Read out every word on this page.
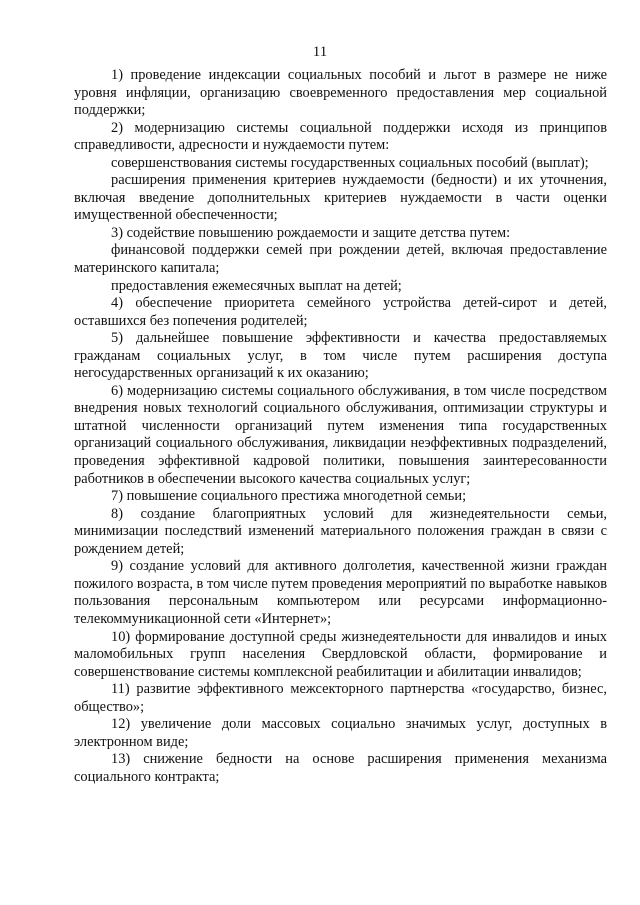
11

1) проведение индексации социальных пособий и льгот в размере не ниже уровня инфляции, организацию своевременного предоставления мер социальной поддержки;

2) модернизацию системы социальной поддержки исходя из принципов справедливости, адресности и нуждаемости путем:

совершенствования системы государственных социальных пособий (выплат);

расширения применения критериев нуждаемости (бедности) и их уточнения, включая введение дополнительных критериев нуждаемости в части оценки имущественной обеспеченности;

3) содействие повышению рождаемости и защите детства путем:

финансовой поддержки семей при рождении детей, включая предоставление материнского капитала;

предоставления ежемесячных выплат на детей;

4) обеспечение приоритета семейного устройства детей-сирот и детей, оставшихся без попечения родителей;

5) дальнейшее повышение эффективности и качества предоставляемых гражданам социальных услуг, в том числе путем расширения доступа негосударственных организаций к их оказанию;

6) модернизацию системы социального обслуживания, в том числе посредством внедрения новых технологий социального обслуживания, оптимизации структуры и штатной численности организаций путем изменения типа государственных организаций социального обслуживания, ликвидации неэффективных подразделений, проведения эффективной кадровой политики, повышения заинтересованности работников в обеспечении высокого качества социальных услуг;

7) повышение социального престижа многодетной семьи;

8) создание благоприятных условий для жизнедеятельности семьи, минимизации последствий изменений материального положения граждан в связи с рождением детей;

9) создание условий для активного долголетия, качественной жизни граждан пожилого возраста, в том числе путем проведения мероприятий по выработке навыков пользования персональным компьютером или ресурсами информационно-телекоммуникационной сети «Интернет»;

10) формирование доступной среды жизнедеятельности для инвалидов и иных маломобильных групп населения Свердловской области, формирование и совершенствование системы комплексной реабилитации и абилитации инвалидов;

11) развитие эффективного межсекторного партнерства «государство, бизнес, общество»;

12) увеличение доли массовых социально значимых услуг, доступных в электронном виде;

13) снижение бедности на основе расширения применения механизма социального контракта;
